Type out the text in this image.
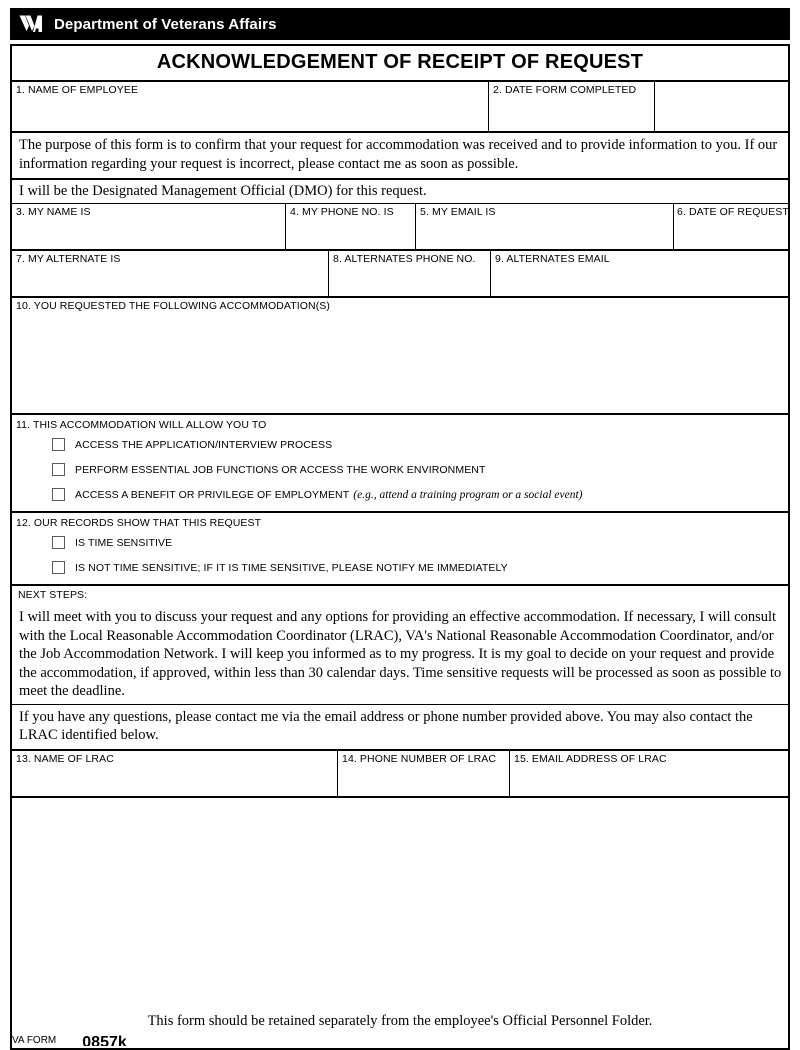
Department of Veterans Affairs
ACKNOWLEDGEMENT OF RECEIPT OF REQUEST
1. NAME OF EMPLOYEE	2. DATE FORM COMPLETED
The purpose of this form is to confirm that your request for accommodation was received and to provide information to you. If our information regarding your request is incorrect, please contact me as soon as possible.
I will be the Designated Management Official (DMO) for this request.
3. MY NAME IS	4. MY PHONE NO. IS	5. MY EMAIL IS	6. DATE OF REQUEST
7. MY ALTERNATE IS	8. ALTERNATES PHONE NO.	9. ALTERNATES EMAIL
10. YOU REQUESTED THE FOLLOWING ACCOMMODATION(S)
11. THIS ACCOMMODATION WILL ALLOW YOU TO
ACCESS THE APPLICATION/INTERVIEW PROCESS
PERFORM ESSENTIAL JOB FUNCTIONS OR ACCESS THE WORK ENVIRONMENT
ACCESS A BENEFIT OR PRIVILEGE OF EMPLOYMENT (e.g., attend a training program or a social event)
12. OUR RECORDS SHOW THAT THIS REQUEST
IS TIME SENSITIVE
IS NOT TIME SENSITIVE; IF IT IS TIME SENSITIVE, PLEASE NOTIFY ME IMMEDIATELY
NEXT STEPS:
I will meet with you to discuss your request and any options for providing an effective accommodation. If necessary, I will consult with the Local Reasonable Accommodation Coordinator (LRAC), VA's National Reasonable Accommodation Coordinator, and/or the Job Accommodation Network. I will keep you informed as to my progress. It is my goal to decide on your request and provide the accommodation, if approved, within less than 30 calendar days. Time sensitive requests will be processed as soon as possible to meet the deadline.
If you have any questions, please contact me via the email address or phone number provided above. You may also contact the LRAC identified below.
13. NAME OF LRAC	14. PHONE NUMBER OF LRAC	15. EMAIL ADDRESS OF LRAC
This form should be retained separately from the employee's Official Personnel Folder.
VA FORM 0857k
